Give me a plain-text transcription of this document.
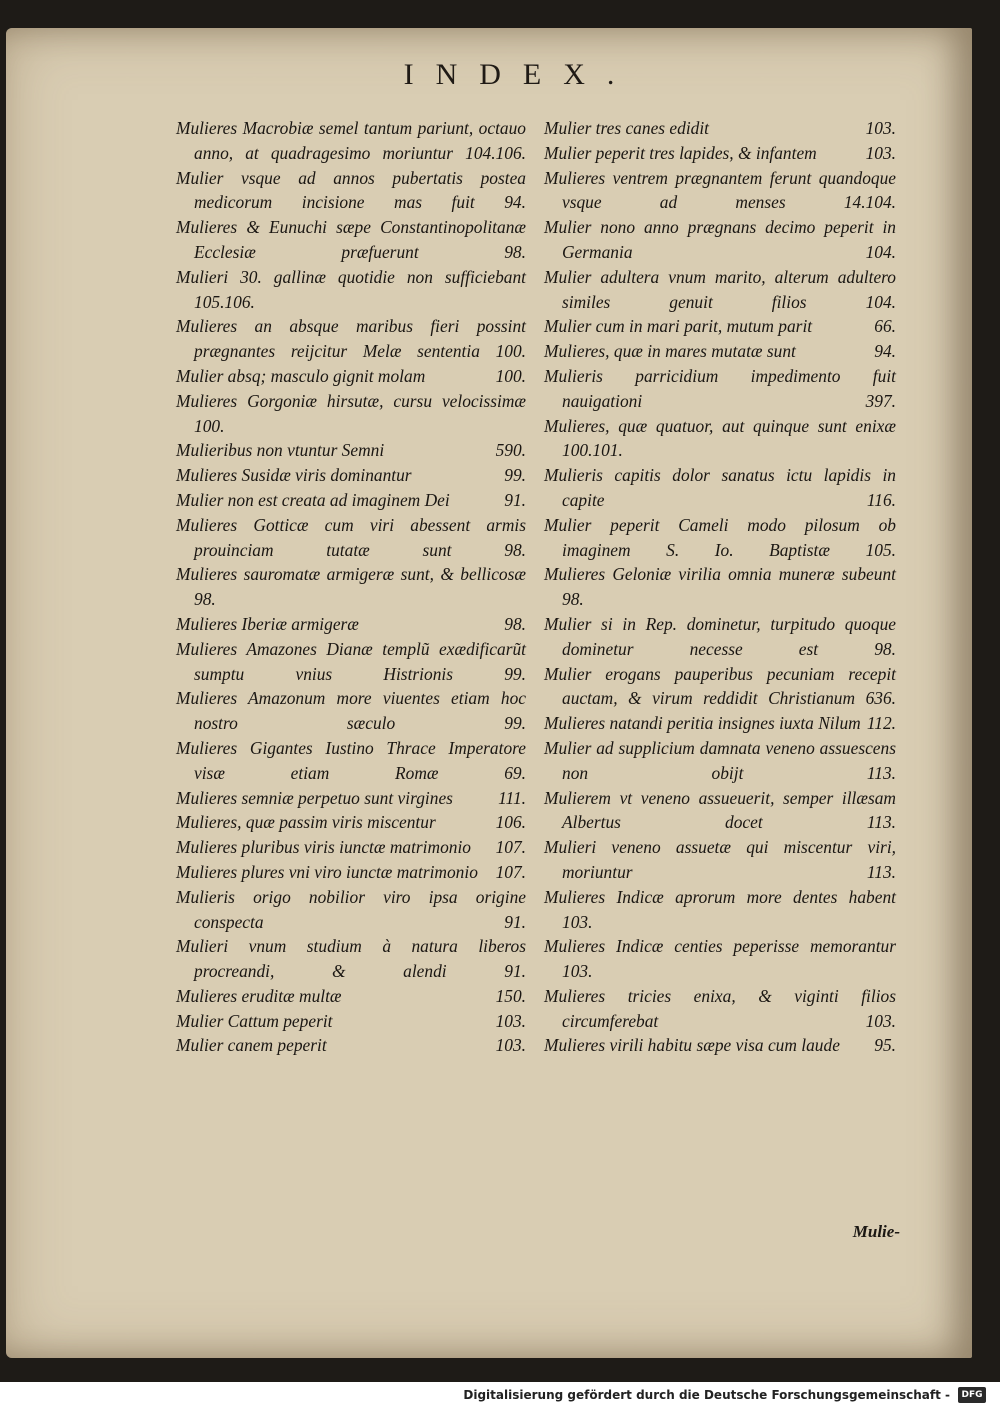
INDEX.
Mulieres Macrobiæ semel tantum pariunt, octauo anno, at quadragesimo moriuntur 104.106.
Mulier vsque ad annos pubertatis postea medicorum incisione mas fuit 94.
Mulieres & Eunuchi sæpe Constantinopolitanæ Ecclesiæ præfuerunt	98.
Mulieri 30. gallinæ quotidie non sufficiebant 105.106.
Mulieres an absque maribus fieri possint prægnantes reijcitur Melæ sententia 100.
Mulier absq; masculo gignit molam	100.
Mulieres Gorgoniæ hirsutæ, cursu velocissimæ 100.
Mulieribus non vtuntur Semni	590.
Mulieres Susidæ viris dominantur	99.
Mulier non est creata ad imaginem Dei	91.
Mulieres Gotticæ cum viri abessent armis prouinciam tutatæ sunt	98.
Mulieres sauromatæ armigeræ sunt, & bellicosæ 98.
Mulieres Iberiæ armigeræ	98.
Mulieres Amazones Dianæ templũ exædificarũt sumptu vnius Histrionis	99.
Mulieres Amazonum more viuentes etiam hoc nostro sæculo	99.
Mulieres Gigantes Iustino Thrace Imperatore visæ etiam Romæ	69.
Mulieres semniæ perpetuo sunt virgines	111.
Mulieres, quæ passim viris miscentur	106.
Mulieres pluribus viris iunctæ matrimonio 107.
Mulieres plures vni viro iunctæ matrimonio 107.
Mulieris origo nobilior viro ipsa origine conspecta	91.
Mulieri vnum studium à natura liberos procreandi, & alendi	91.
Mulieres eruditæ multæ	150.
Mulier Cattum peperit	103.
Mulier canem peperit	103.
Mulier tres canes edidit	103.
Mulier peperit tres lapides, & infantem	103.
Mulieres ventrem prægnantem ferunt quandoque vsque ad menses	14.104.
Mulier nono anno prægnans decimo peperit in Germania	104.
Mulier adultera vnum marito, alterum adultero similes genuit filios	104.
Mulier cum in mari parit, mutum parit	66.
Mulieres, quæ in mares mutatæ sunt	94.
Mulieris parricidium impedimento fuit nauigationi	397.
Mulieres, quæ quatuor, aut quinque sunt enixæ 100.101.
Mulieris capitis dolor sanatus ictu lapidis in capite	116.
Mulier peperit Cameli modo pilosum ob imaginem S. Io. Baptistæ 105.
Mulieres Geloniæ virilia omnia muneræ subeunt 98.
Mulier si in Rep. dominetur, turpitudo quoque dominetur necesse est	98.
Mulier erogans pauperibus pecuniam recepit auctam, & virum reddidit Christianum 636.
Mulieres natandi peritia insignes iuxta Nilum 112.
Mulier ad supplicium damnata veneno assuescens non obijt	113.
Mulierem vt veneno assueuerit, semper illæsam Albertus docet	113.
Mulieri veneno assuetæ qui miscentur viri, moriuntur	113.
Mulieres Indicæ aprorum more dentes habent 103.
Mulieres Indicæ centies peperisse memorantur 103.
Mulieres tricies enixa, & viginti filios circumferebat	103.
Mulieres virili habitu sæpe visa cum laude 95.
Mulie-
Digitalisierung gefördert durch die Deutsche Forschungsgemeinschaft -	DFG
